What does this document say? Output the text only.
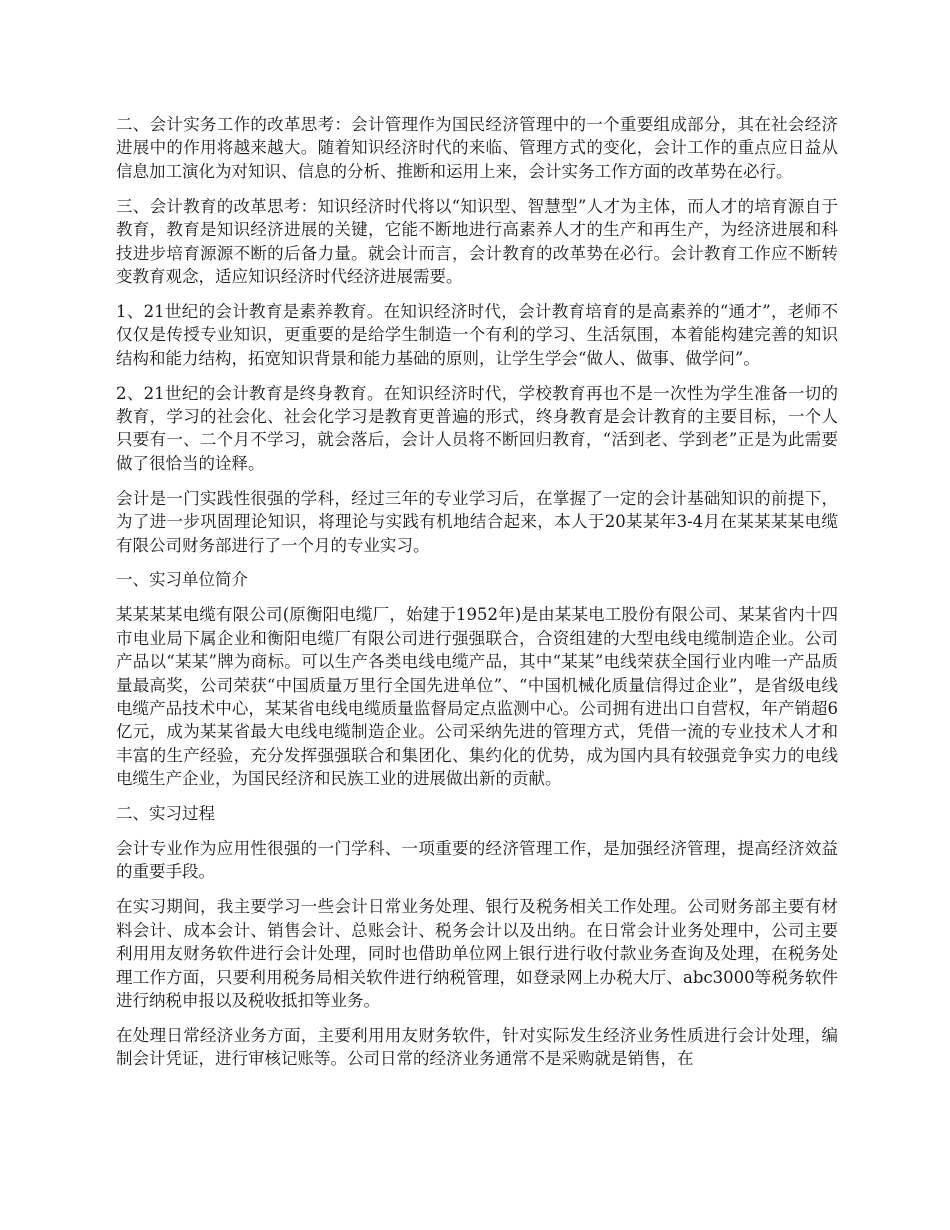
二、会计实务工作的改革思考：会计管理作为国民经济管理中的一个重要组成部分，其在社会经济进展中的作用将越来越大。随着知识经济时代的来临、管理方式的变化，会计工作的重点应日益从信息加工演化为对知识、信息的分析、推断和运用上来，会计实务工作方面的改革势在必行。

三、会计教育的改革思考：知识经济时代将以“知识型、智慧型”人才为主体，而人才的培育源自于教育，教育是知识经济进展的关键，它能不断地进行高素养人才的生产和再生产，为经济进展和科技进步培育源源不断的后备力量。就会计而言，会计教育的改革势在必行。会计教育工作应不断转变教育观念，适应知识经济时代经济进展需要。

1、21世纪的会计教育是素养教育。在知识经济时代，会计教育培育的是高素养的“通才”，老师不仅仅是传授专业知识，更重要的是给学生制造一个有利的学习、生活氛围，本着能构建完善的知识结构和能力结构，拓宽知识背景和能力基础的原则，让学生学会“做人、做事、做学问”。

2、21世纪的会计教育是终身教育。在知识经济时代，学校教育再也不是一次性为学生准备一切的教育，学习的社会化、社会化学习是教育更普遍的形式，终身教育是会计教育的主要目标，一个人只要有一、二个月不学习，就会落后，会计人员将不断回归教育，“活到老、学到老”正是为此需要做了很恰当的诠释。

会计是一门实践性很强的学科，经过三年的专业学习后，在掌握了一定的会计基础知识的前提下，为了进一步巩固理论知识，将理论与实践有机地结合起来，本人于20某某年3-4月在某某某某电缆有限公司财务部进行了一个月的专业实习。

一、实习单位简介

某某某某电缆有限公司(原衡阳电缆厂，始建于1952年)是由某某电工股份有限公司、某某省内十四市电业局下属企业和衡阳电缆厂有限公司进行强强联合，合资组建的大型电线电缆制造企业。公司产品以“某某”牌为商标。可以生产各类电线电缆产品，其中“某某”电线荣获全国行业内唯一产品质量最高奖，公司荣获“中国质量万里行全国先进单位”、“中国机械化质量信得过企业”，是省级电线电缆产品技术中心，某某省电线电缆质量监督局定点监测中心。公司拥有进出口自营权，年产销超6亿元，成为某某省最大电线电缆制造企业。公司采纳先进的管理方式，凭借一流的专业技术人才和丰富的生产经验，充分发挥强强联合和集团化、集约化的优势，成为国内具有较强竞争实力的电线电缆生产企业，为国民经济和民族工业的进展做出新的贡献。

二、实习过程

会计专业作为应用性很强的一门学科、一项重要的经济管理工作，是加强经济管理，提高经济效益的重要手段。

在实习期间，我主要学习一些会计日常业务处理、银行及税务相关工作处理。公司财务部主要有材料会计、成本会计、销售会计、总账会计、税务会计以及出纳。在日常会计业务处理中，公司主要利用用友财务软件进行会计处理，同时也借助单位网上银行进行收付款业务查询及处理，在税务处理工作方面，只要利用税务局相关软件进行纳税管理，如登录网上办税大厅、abc3000等税务软件进行纳税申报以及税收抵扣等业务。

在处理日常经济业务方面，主要利用用友财务软件，针对实际发生经济业务性质进行会计处理，编制会计凭证，进行审核记账等。公司日常的经济业务通常不是采购就是销售，在
